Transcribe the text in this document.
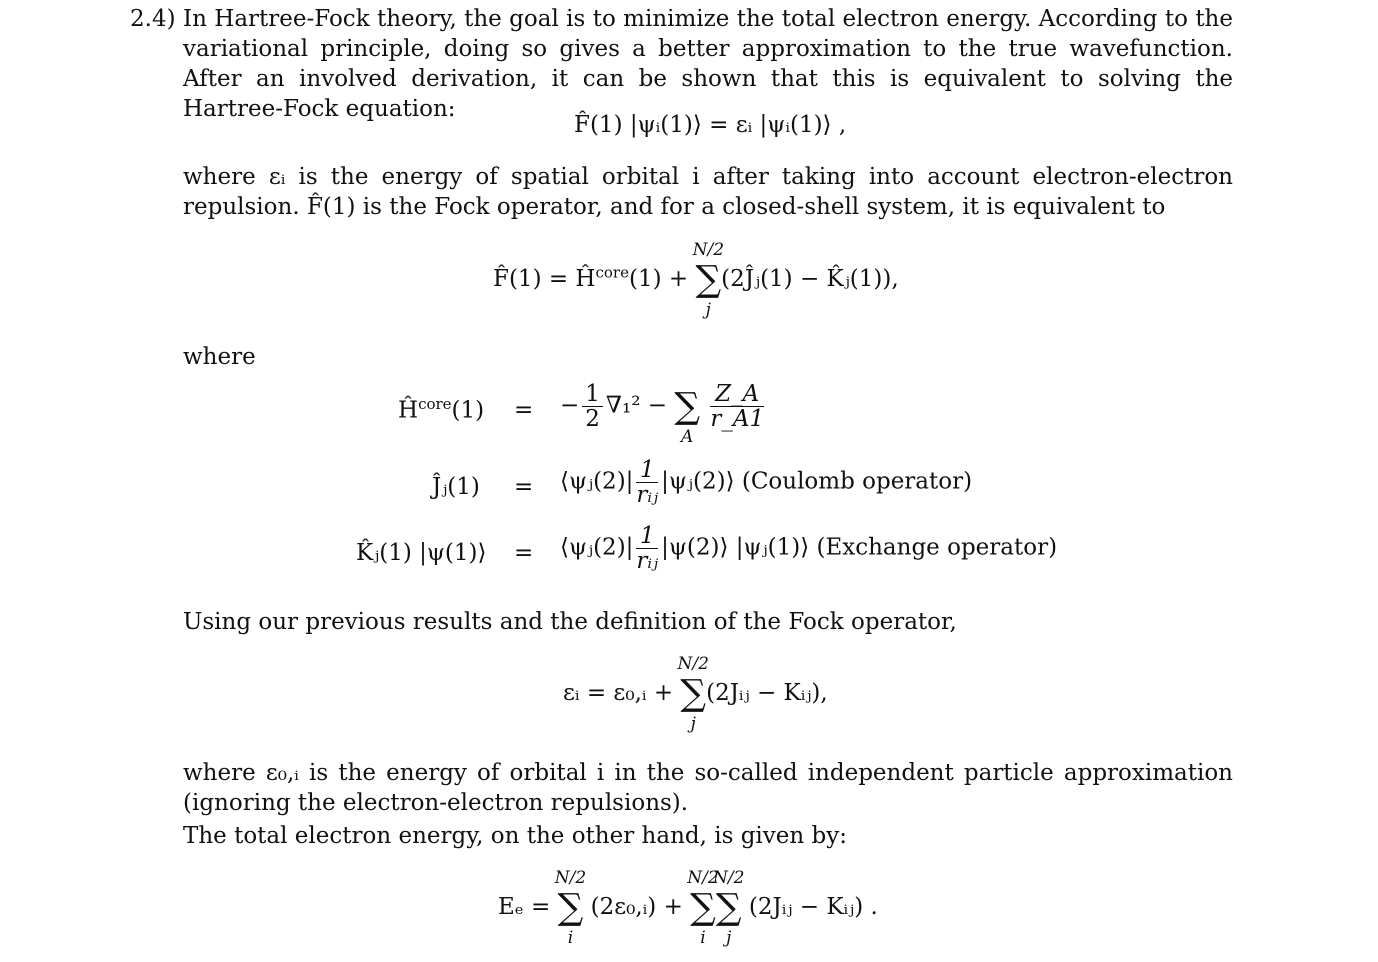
2.4) In Hartree-Fock theory, the goal is to minimize the total electron energy. According to the variational principle, doing so gives a better approximation to the true wavefunction. After an involved derivation, it can be shown that this is equivalent to solving the Hartree-Fock equation:
F̂(1) |ψᵢ(1)⟩ = εᵢ |ψᵢ(1)⟩ ,
where εᵢ is the energy of spatial orbital i after taking into account electron-electron repulsion. F̂(1) is the Fock operator, and for a closed-shell system, it is equivalent to
F̂(1) = $Ĥ^{core}(1)$ +
N/2
∑
j
(2Ĵⱼ(1) − K̂ⱼ(1)),
where
$Ĥ^{core}(1)$ = − $\frac{1}{2} \nabla_1^2$ − ∑
A

$\frac{Z\_A}{r\_A1}$
Ĵⱼ(1) = ⟨ψⱼ(2)| $\frac{1}{\text{rᵢⱼ}}$ |ψⱼ(2)⟩ (Coulomb operator)
K̂ⱼ(1) |ψ(1)⟩ = ⟨ψⱼ(2)| $\frac{1}{\text{rᵢⱼ}}$ |ψ(2)⟩ |ψⱼ(1)⟩ (Exchange operator)
Using our previous results and the definition of the Fock operator,
εᵢ = ε₀,ᵢ +
N/2
∑
j
(2Jᵢⱼ − Kᵢⱼ),
where ε₀,ᵢ is the energy of orbital i in the so-called independent particle approximation (ignoring the electron-electron repulsions).
The total electron energy, on the other hand, is given by:
Eₑ =
N/2
∑
i
(2ε₀,ᵢ) +
N/2
∑
i
N/2
∑
j
(2Jᵢⱼ − Kᵢⱼ) .
